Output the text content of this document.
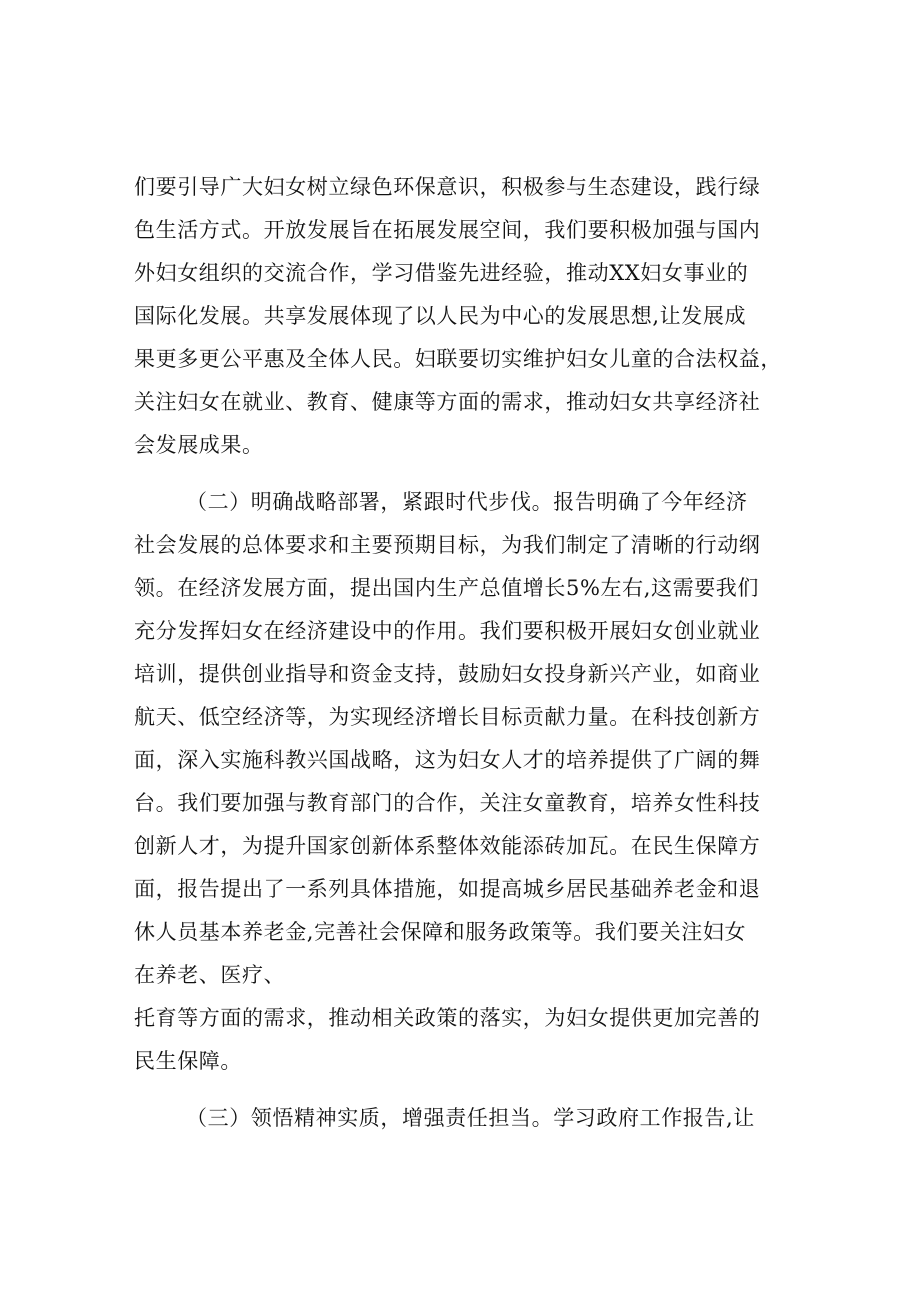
们要引导广大妇女树立绿色环保意识，积极参与生态建设，践行绿
色生活方式。开放发展旨在拓展发展空间，我们要积极加强与国内
外妇女组织的交流合作，学习借鉴先进经验，推动XX妇女事业的
国际化发展。共享发展体现了以人民为中心的发展思想,让发展成
果更多更公平惠及全体人民。妇联要切实维护妇女儿童的合法权益，
关注妇女在就业、教育、健康等方面的需求，推动妇女共享经济社
会发展成果。
（二）明确战略部署，紧跟时代步伐。报告明确了今年经济
社会发展的总体要求和主要预期目标，为我们制定了清晰的行动纲
领。在经济发展方面，提出国内生产总值增长5%左右,这需要我们
充分发挥妇女在经济建设中的作用。我们要积极开展妇女创业就业
培训，提供创业指导和资金支持，鼓励妇女投身新兴产业，如商业
航天、低空经济等，为实现经济增长目标贡献力量。在科技创新方
面，深入实施科教兴国战略，这为妇女人才的培养提供了广阔的舞
台。我们要加强与教育部门的合作，关注女童教育，培养女性科技
创新人才，为提升国家创新体系整体效能添砖加瓦。在民生保障方
面，报告提出了一系列具体措施，如提高城乡居民基础养老金和退
休人员基本养老金,完善社会保障和服务政策等。我们要关注妇女
在养老、医疗、
托育等方面的需求，推动相关政策的落实，为妇女提供更加完善的
民生保障。
（三）领悟精神实质，增强责任担当。学习政府工作报告,让
